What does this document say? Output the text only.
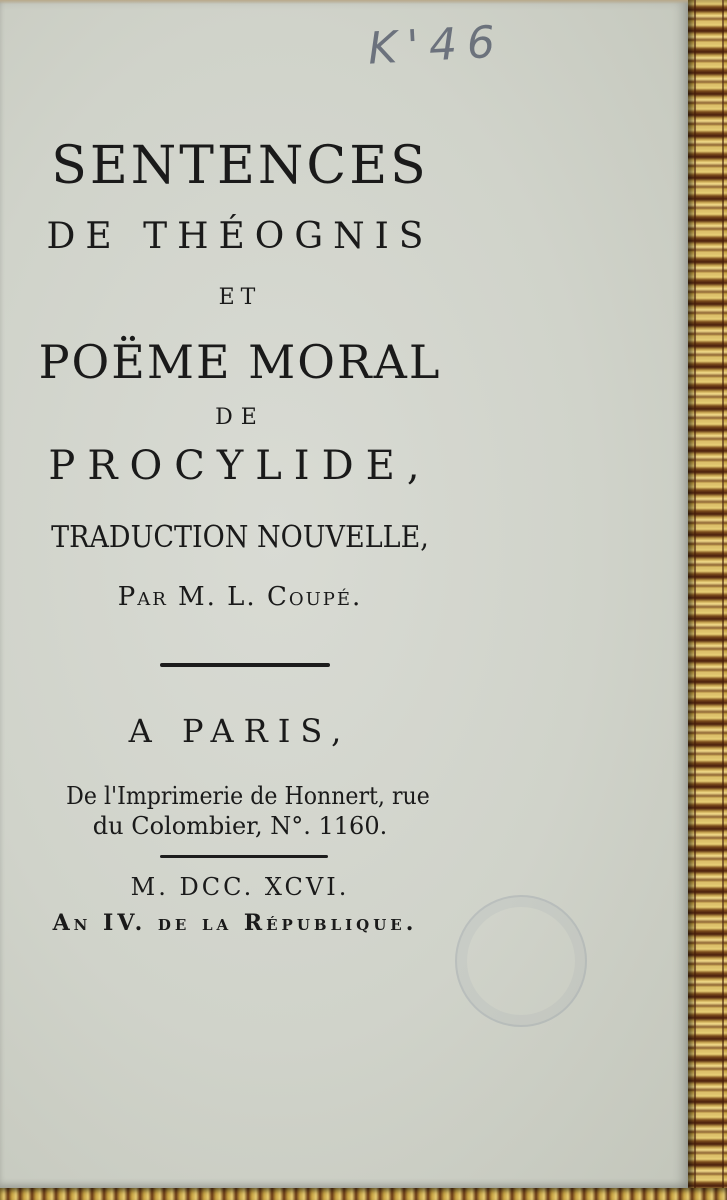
K'46
SENTENCES
DE THÉOGNIS
ET
POËME MORAL
DE
PROCYLIDE,
TRADUCTION NOUVELLE,
Par M. L. Coupé.
A PARIS,
De l'Imprimerie de Honnert, rue
du Colombier, N°. 1160.
M. DCC. XCVI.
An IV. de la République.
